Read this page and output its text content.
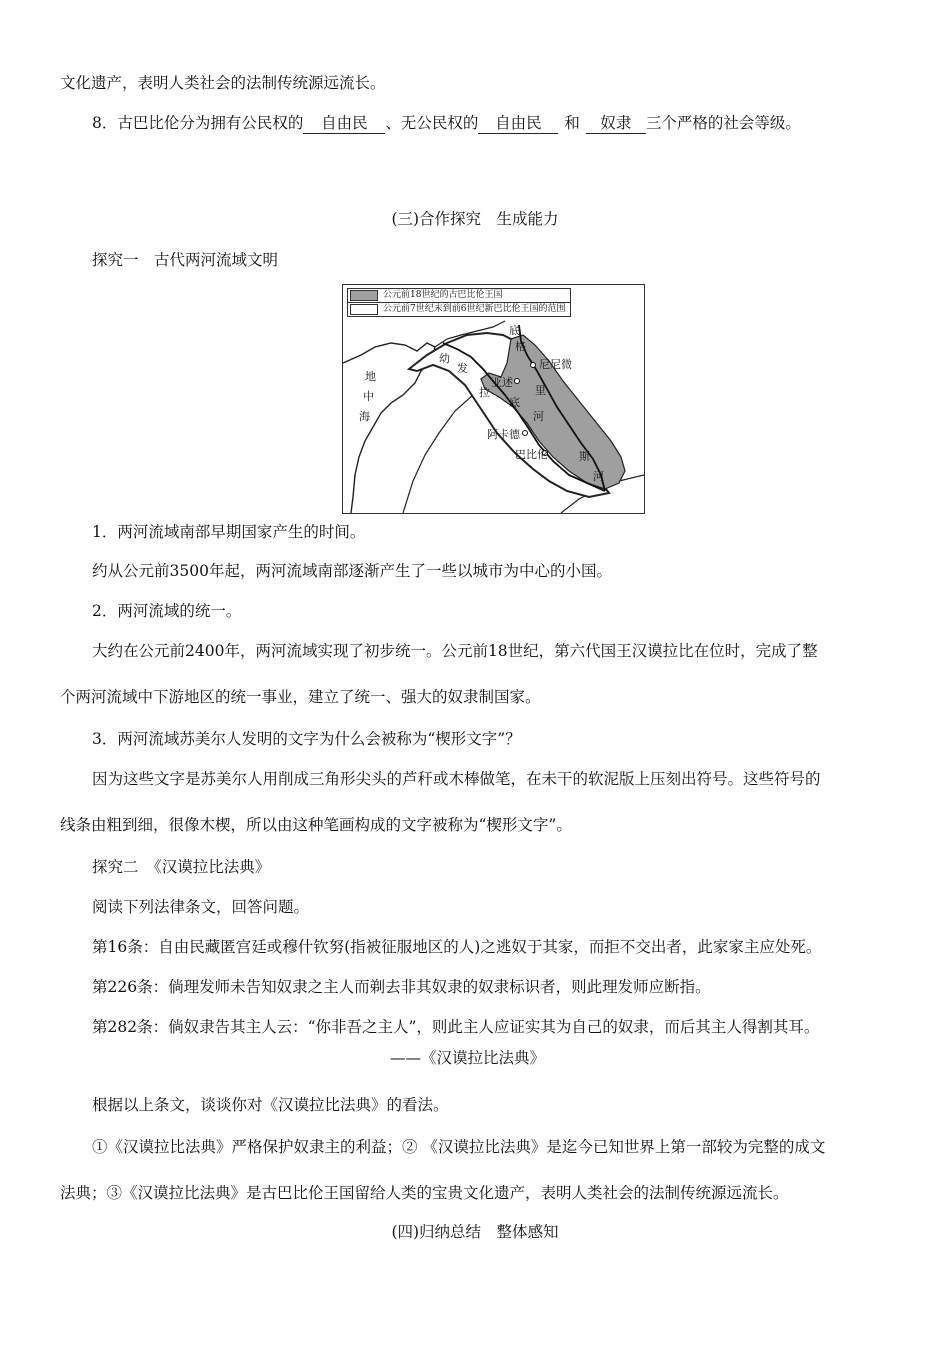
文化遗产，表明人类社会的法制传统源远流长。
8．古巴比伦分为拥有公民权的 自由民 、无公民权的 自由民 和 奴隶 三个严格的社会等级。
(三)合作探究　生成能力
探究一　古代两河流域文明
公元前18世纪的古巴比伦王国
公元前7世纪末到前6世纪新巴比伦王国的范围
底
格
里
斯
河
幼
发
拉
底
河
地
中
海
尼尼微
亚述
阿卡德
巴比伦
1．两河流域南部早期国家产生的时间。
约从公元前3500年起，两河流域南部逐渐产生了一些以城市为中心的小国。
2．两河流域的统一。
大约在公元前2400年，两河流域实现了初步统一。公元前18世纪，第六代国王汉谟拉比在位时，完成了整
个两河流域中下游地区的统一事业，建立了统一、强大的奴隶制国家。
3．两河流域苏美尔人发明的文字为什么会被称为“楔形文字”？
因为这些文字是苏美尔人用削成三角形尖头的芦秆或木棒做笔，在未干的软泥版上压刻出符号。这些符号的
线条由粗到细，很像木楔，所以由这种笔画构成的文字被称为“楔形文字”。
探究二　《汉谟拉比法典》
阅读下列法律条文，回答问题。
第16条：自由民藏匿宫廷或穆什钦努(指被征服地区的人)之逃奴于其家，而拒不交出者，此家家主应处死。
第226条：倘理发师未告知奴隶之主人而剃去非其奴隶的奴隶标识者，则此理发师应断指。
第282条：倘奴隶告其主人云：“你非吾之主人”，则此主人应证实其为自己的奴隶，而后其主人得割其耳。
——《汉谟拉比法典》
根据以上条文，谈谈你对《汉谟拉比法典》的看法。
①《汉谟拉比法典》严格保护奴隶主的利益；② 《汉谟拉比法典》是迄今已知世界上第一部较为完整的成文
法典；③《汉谟拉比法典》是古巴比伦王国留给人类的宝贵文化遗产，表明人类社会的法制传统源远流长。
(四)归纳总结　整体感知
